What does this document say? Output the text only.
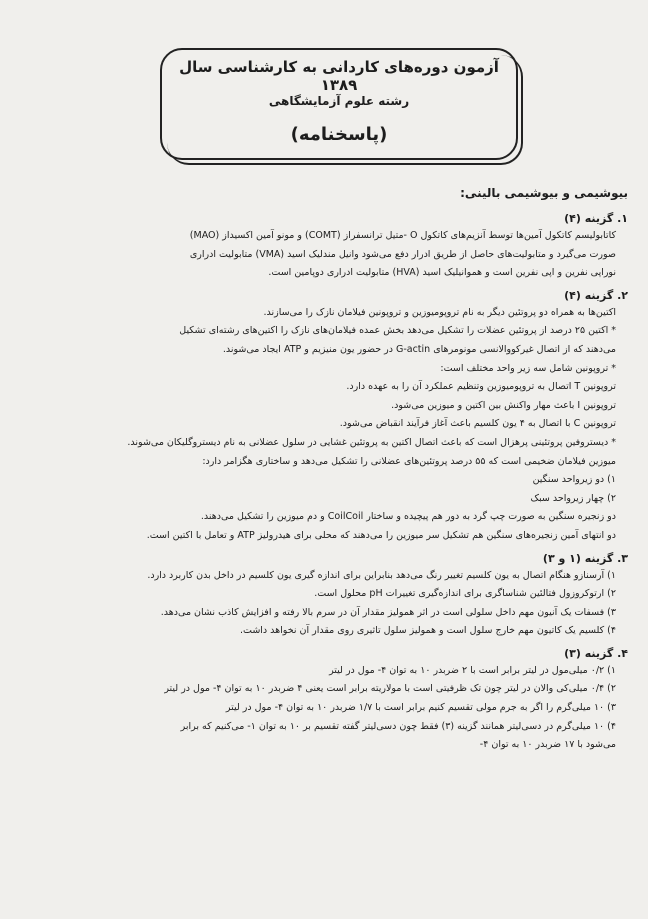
آزمون دوره‌های کاردانی به کارشناسی سال ۱۳۸۹
رشته علوم آزمایشگاهی
(پاسخنامه)
بیوشیمی و بیوشیمی بالینی:
۱. گزینه (۴)
کاتابولیسم کاتکول آمین‌ها توسط آنزیم‌های کاتکول O -متیل ترانسفراز (COMT) و مونو آمین اکسیداز (MAO)
صورت می‌گیرد و متابولیت‌های حاصل از طریق ادرار دفع می‌شود وانیل مندلیک اسید (VMA) متابولیت ادراری
نوراپی نفرین و اپی نفرین است و هموانیلیک اسید (HVA) متابولیت ادراری دوپامین است.
۲. گزینه (۴)
اکتین‌ها به همراه دو پروتئین دیگر به نام تروپومیوزین و تروپونین فیلامان نازک را می‌سازند.
* اکتین ۲۵ درصد از پروتئین عضلات را تشکیل می‌دهد بخش عمده فیلامان‌های نازک را اکتین‌های رشته‌ای تشکیل
می‌دهند که از اتصال غیرکووالانسی مونومرهای G-actin در حضور یون منیزیم و ATP ایجاد می‌شوند.
* تروپونین شامل سه زیر واحد مختلف است:
تروپونین T اتصال به تروپومیوزین وتنظیم عملکرد آن را به عهده دارد.
تروپونین I باعث مهار واکنش بین اکتین و میوزین می‌شود.
تروپونین C با اتصال به ۴ یون کلسیم باعث آغاز فرآیند انقباض می‌شود.
* دیستروفین پروتئینی پرهزال است که باعث اتصال اکتین به پروتئین غشایی در سلول عضلانی به نام دیستروگلیکان می‌شوند.
میوزین فیلامان ضخیمی است که ۵۵ درصد پروتئین‌های عضلانی را تشکیل می‌دهد و ساختاری هگزامر دارد:
۱) دو زیرواحد سنگین
۲) چهار زیرواحد سبک
دو زنجیره سنگین به صورت چپ گرد به دور هم پیچیده و ساختار CoilCoil و دم میوزین را تشکیل می‌دهند.
دو انتهای آمین زنجیره‌های سنگین هم تشکیل سر میوزین را می‌دهند که محلی برای هیدرولیز ATP و تعامل با اکتین است.
۳. گزینه (۱ و ۳)
۱) آرسنازو هنگام اتصال به یون کلسیم تغییر رنگ می‌دهد بنابراین برای اندازه گیری یون کلسیم در داخل بدن کاربرد دارد.
۲) ارتوکروزول فتالئین شناساگری برای اندازه‌گیری تغییرات pH محلول است.
۳) فسفات یک آنیون مهم داخل سلولی است در اثر همولیز مقدار آن در سرم بالا رفته و افزایش کاذب نشان می‌دهد.
۴) کلسیم یک کاتیون مهم خارج سلول است و همولیز سلول تاثیری روی مقدار آن نخواهد داشت.
۴. گزینه (۳)
۱) ۰/۲ میلی‌مول در لیتر برابر است با ۲ ضربدر ۱۰ به توان ۴- مول در لیتر
۲) ۰/۴ میلی‌کی والان در لیتر چون تک ظرفیتی است با مولاریته برابر است یعنی ۴ ضربدر ۱۰ به توان ۴- مول در لیتر
۳) ۱۰ میلی‌گرم را اگر به جرم مولی تقسیم کنیم برابر است با ۱/۷ ضربدر ۱۰ به توان ۴- مول در لیتر
۴) ۱۰ میلی‌گرم در دسی‌لیتر همانند گزینه (۳) فقط چون دسی‌لیتر گفته تقسیم بر ۱۰ به توان ۱- می‌کنیم که برابر
می‌شود با ۱۷ ضربدر ۱۰ به توان ۴-
